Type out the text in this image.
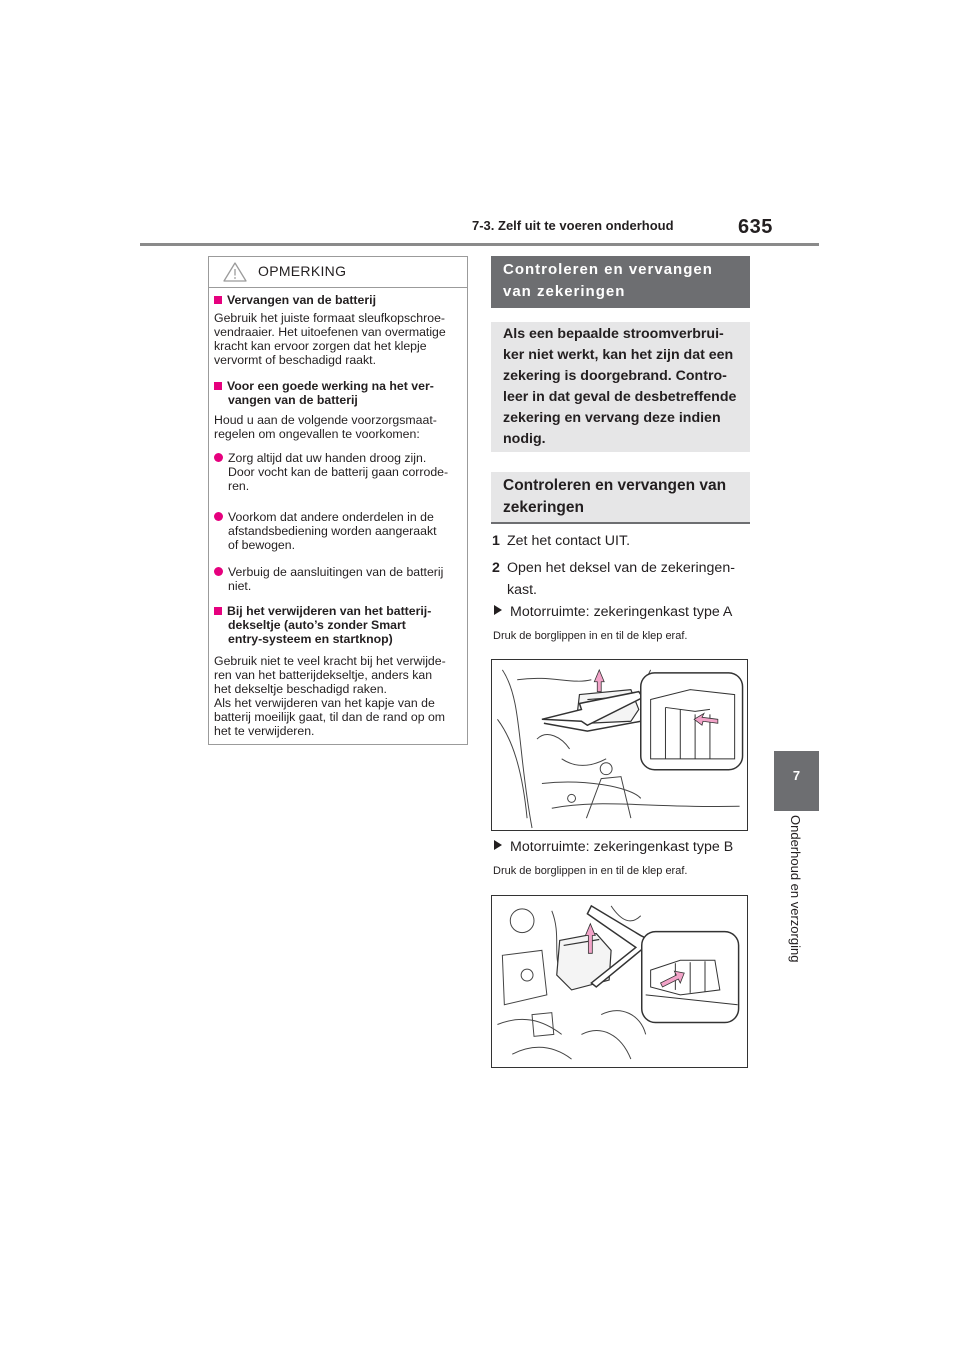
7-3. Zelf uit te voeren onderhoud	635
7
Onderhoud en verzorging
OPMERKING
Vervangen van de batterij
Gebruik het juiste formaat sleufkopschroe-
vendraaier. Het uitoefenen van overmatige
kracht kan ervoor zorgen dat het klepje
vervormt of beschadigd raakt.
Voor een goede werking na het ver-
vangen van de batterij
Houd u aan de volgende voorzorgsmaat-
regelen om ongevallen te voorkomen:
Zorg altijd dat uw handen droog zijn.
Door vocht kan de batterij gaan corrode-
ren.
Voorkom dat andere onderdelen in de
afstandsbediening worden aangeraakt
of bewogen.
Verbuig de aansluitingen van de batterij
niet.
Bij het verwijderen van het batterij-
dekseltje (auto’s zonder Smart
entry-systeem en startknop)
Gebruik niet te veel kracht bij het verwijde-
ren van het batterijdekseltje, anders kan
het dekseltje beschadigd raken.
Als het verwijderen van het kapje van de
batterij moeilijk gaat, til dan de rand op om
het te verwijderen.
Controleren en vervangen
van zekeringen
Als een bepaalde stroomverbrui-
ker niet werkt, kan het zijn dat een
zekering is doorgebrand. Contro-
leer in dat geval de desbetreffende
zekering en vervang deze indien
nodig.
Controleren en vervangen van
zekeringen
1 Zet het contact UIT.
2 Open het deksel van de zekeringen-
kast.
Motorruimte: zekeringenkast type A
Druk de borglippen in en til de klep eraf.
Motorruimte: zekeringenkast type B
Druk de borglippen in en til de klep eraf.
